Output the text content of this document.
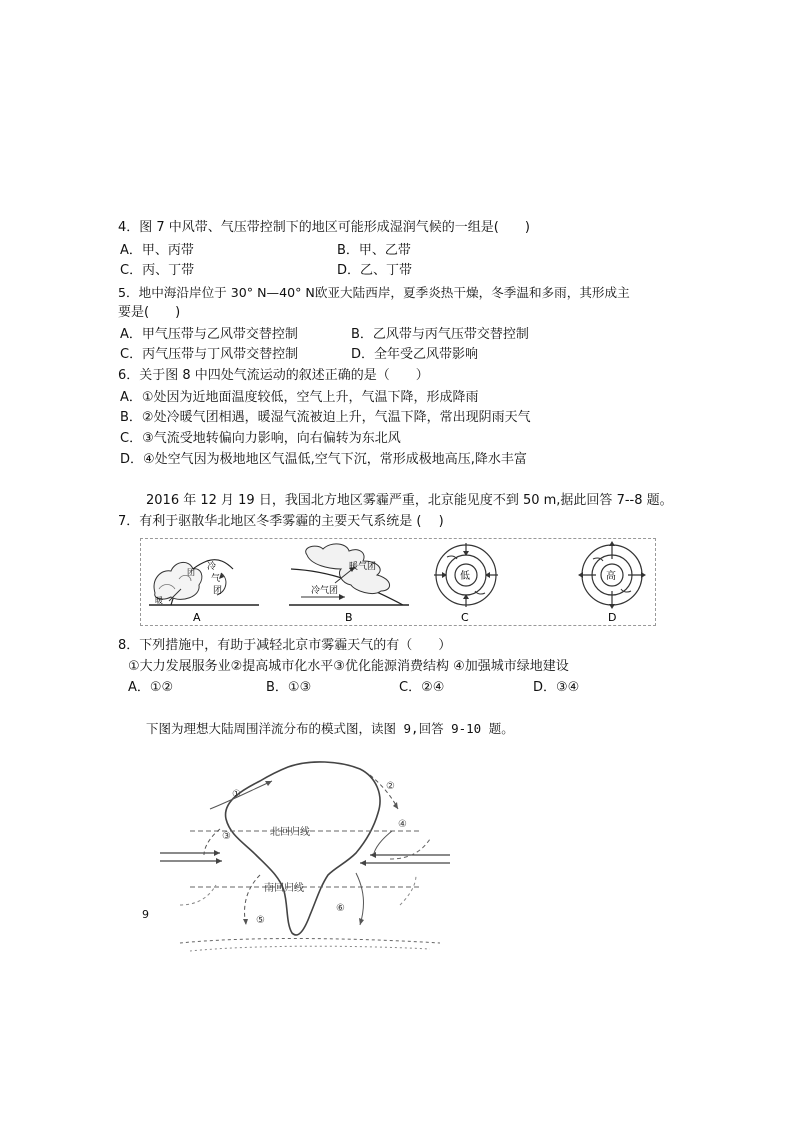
4．图 7 中风带、气压带控制下的地区可能形成湿润气候的一组是(　　)
A．甲、丙带	B．甲、乙带
C．丙、丁带	D．乙、丁带
5．地中海沿岸位于 30° N—40° N欧亚大陆西岸，夏季炎热干燥，冬季温和多雨，其形成主
要是(　　)
A．甲气压带与乙风带交替控制	B．乙风带与丙气压带交替控制
C．丙气压带与丁风带交替控制	D．全年受乙风带影响
6．关于图 8 中四处气流运动的叙述正确的是（　　）
A．①处因为近地面温度较低，空气上升，气温下降，形成降雨
B．②处冷暖气团相遇，暖湿气流被迫上升，气温下降，常出现阴雨天气
C．③气流受地转偏向力影响，向右偏转为东北风
D．④处空气因为极地地区气温低,空气下沉，常形成极地高压,降水丰富
2016 年 12 月 19 日，我国北方地区雾霾严重，北京能见度不到 50 m,据此回答 7--8 题。
7．有利于驱散华北地区冬季雾霾的主要天气系统是 (　 )
冷
气
团
暖
团
A
暖气团
冷气团
B
低
C
高
D
8．下列措施中，有助于减轻北京市雾霾天气的有（　　）
①大力发展服务业②提高城市化水平③优化能源消费结构 ④加强城市绿地建设
A．①②	B．①③	C．②④	D．③④
下图为理想大陆周围洋流分布的模式图，读图 9,回答 9-10 题。
9
北回归线
南回归线
①
②
③
④
⑤
⑥
